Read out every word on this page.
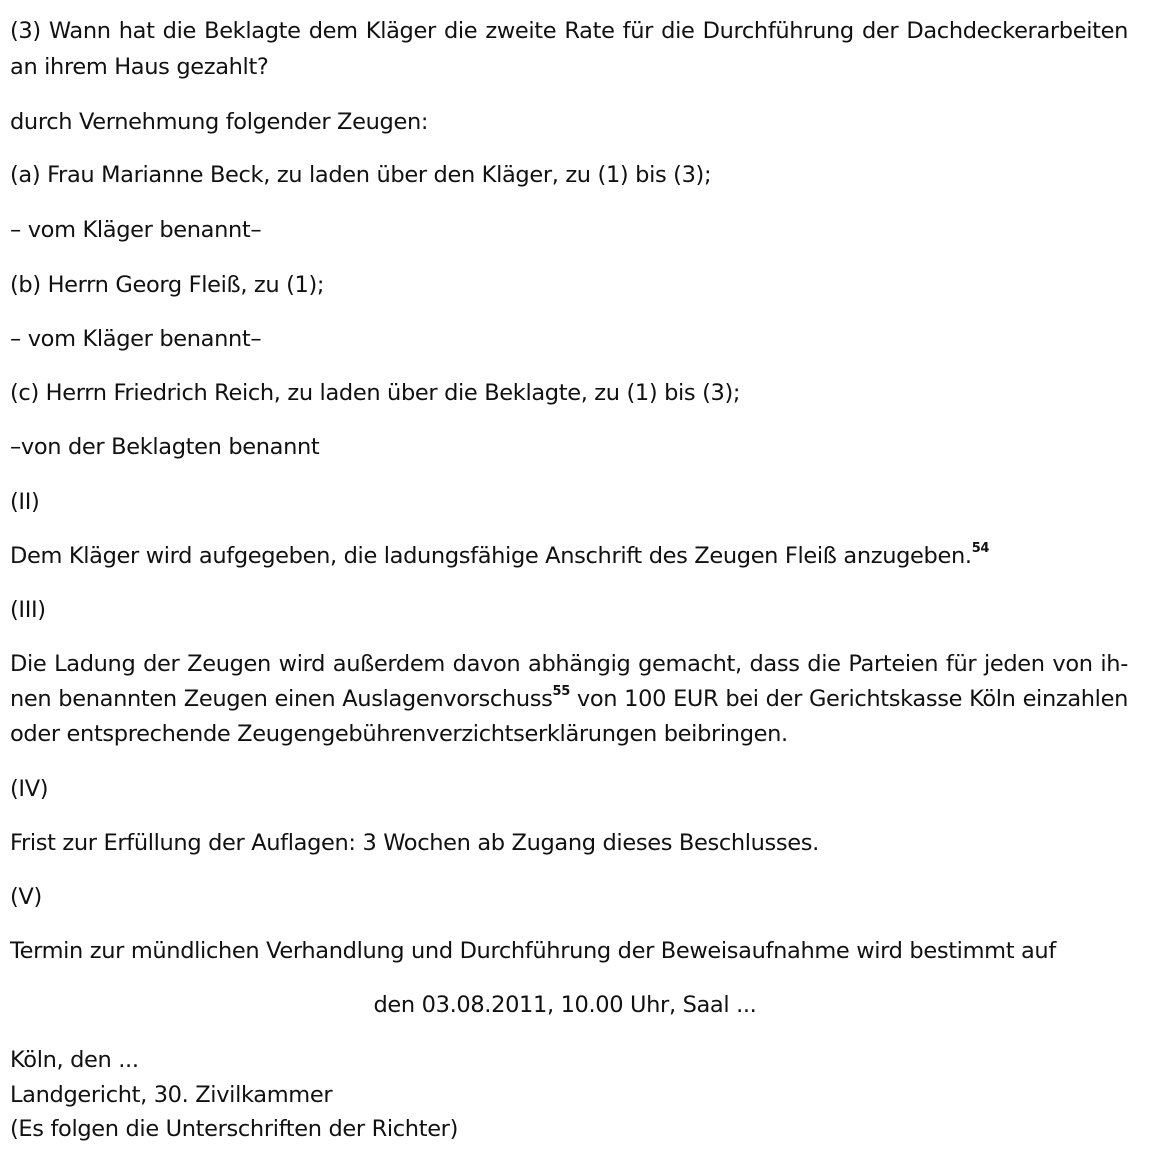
(3) Wann hat die Beklagte dem Kläger die zweite Rate für die Durchführung der Dachdeckerarbeiten
an ihrem Haus gezahlt?
durch Vernehmung folgender Zeugen:
(a) Frau Marianne Beck, zu laden über den Kläger, zu (1) bis (3);
– vom Kläger benannt–
(b) Herrn Georg Fleiß, zu (1);
– vom Kläger benannt–
(c) Herrn Friedrich Reich, zu laden über die Beklagte, zu (1) bis (3);
–von der Beklagten benannt
(II)
Dem Kläger wird aufgegeben, die ladungsfähige Anschrift des Zeugen Fleiß anzugeben.$^{54}$
(III)
Die Ladung der Zeugen wird außerdem davon abhängig gemacht, dass die Parteien für jeden von ih-
nen benannten Zeugen einen Auslagenvorschuss$^{55}$ von 100 EUR bei der Gerichtskasse Köln einzahlen
oder entsprechende Zeugengebührenverzichtserklärungen beibringen.
(IV)
Frist zur Erfüllung der Auflagen: 3 Wochen ab Zugang dieses Beschlusses.
(V)
Termin zur mündlichen Verhandlung und Durchführung der Beweisaufnahme wird bestimmt auf
den 03.08.2011, 10.00 Uhr, Saal ...
Köln, den ...
Landgericht, 30. Zivilkammer
(Es folgen die Unterschriften der Richter)
